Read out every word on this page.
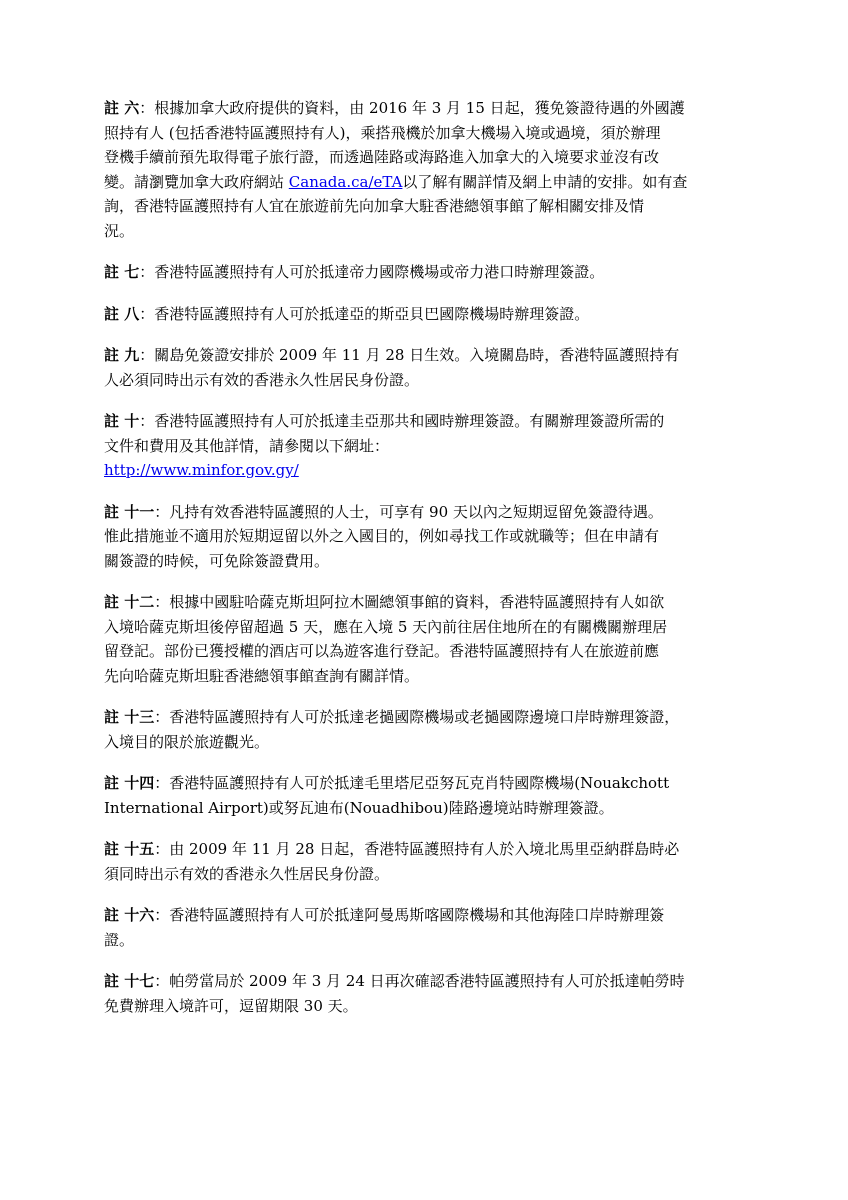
註 六：根據加拿大政府提供的資料，由 2016 年 3 月 15 日起，獲免簽證待遇的外國護
照持有人 (包括香港特區護照持有人)，乘搭飛機於加拿大機場入境或過境，須於辦理
登機手續前預先取得電子旅行證，而透過陸路或海路進入加拿大的入境要求並沒有改
變。請瀏覽加拿大政府網站 Canada.ca/eTA以了解有關詳情及網上申請的安排。如有查
詢，香港特區護照持有人宜在旅遊前先向加拿大駐香港總領事館了解相關安排及情
況。

註 七：香港特區護照持有人可於抵達帝力國際機場或帝力港口時辦理簽證。

註 八：香港特區護照持有人可於抵達亞的斯亞貝巴國際機場時辦理簽證。

註 九：關島免簽證安排於 2009 年 11 月 28 日生效。入境關島時，香港特區護照持有
人必須同時出示有效的香港永久性居民身份證。

註 十：香港特區護照持有人可於抵達圭亞那共和國時辦理簽證。有關辦理簽證所需的
文件和費用及其他詳情，請參閱以下網址：
http://www.minfor.gov.gy/

註 十一：凡持有效香港特區護照的人士，可享有 90 天以內之短期逗留免簽證待遇。
惟此措施並不適用於短期逗留以外之入國目的，例如尋找工作或就職等；但在申請有
關簽證的時候，可免除簽證費用。

註 十二：根據中國駐哈薩克斯坦阿拉木圖總領事館的資料，香港特區護照持有人如欲
入境哈薩克斯坦後停留超過 5 天，應在入境 5 天內前往居住地所在的有關機關辦理居
留登記。部份已獲授權的酒店可以為遊客進行登記。香港特區護照持有人在旅遊前應
先向哈薩克斯坦駐香港總領事館查詢有關詳情。

註 十三：香港特區護照持有人可於抵達老撾國際機場或老撾國際邊境口岸時辦理簽證，
入境目的限於旅遊觀光。

註 十四：香港特區護照持有人可於抵達毛里塔尼亞努瓦克肖特國際機場(Nouakchott
International Airport)或努瓦迪布(Nouadhibou)陸路邊境站時辦理簽證。

註 十五：由 2009 年 11 月 28 日起，香港特區護照持有人於入境北馬里亞納群島時必
須同時出示有效的香港永久性居民身份證。

註 十六：香港特區護照持有人可於抵達阿曼馬斯喀國際機場和其他海陸口岸時辦理簽
證。

註 十七：帕勞當局於 2009 年 3 月 24 日再次確認香港特區護照持有人可於抵達帕勞時
免費辦理入境許可，逗留期限 30 天。
